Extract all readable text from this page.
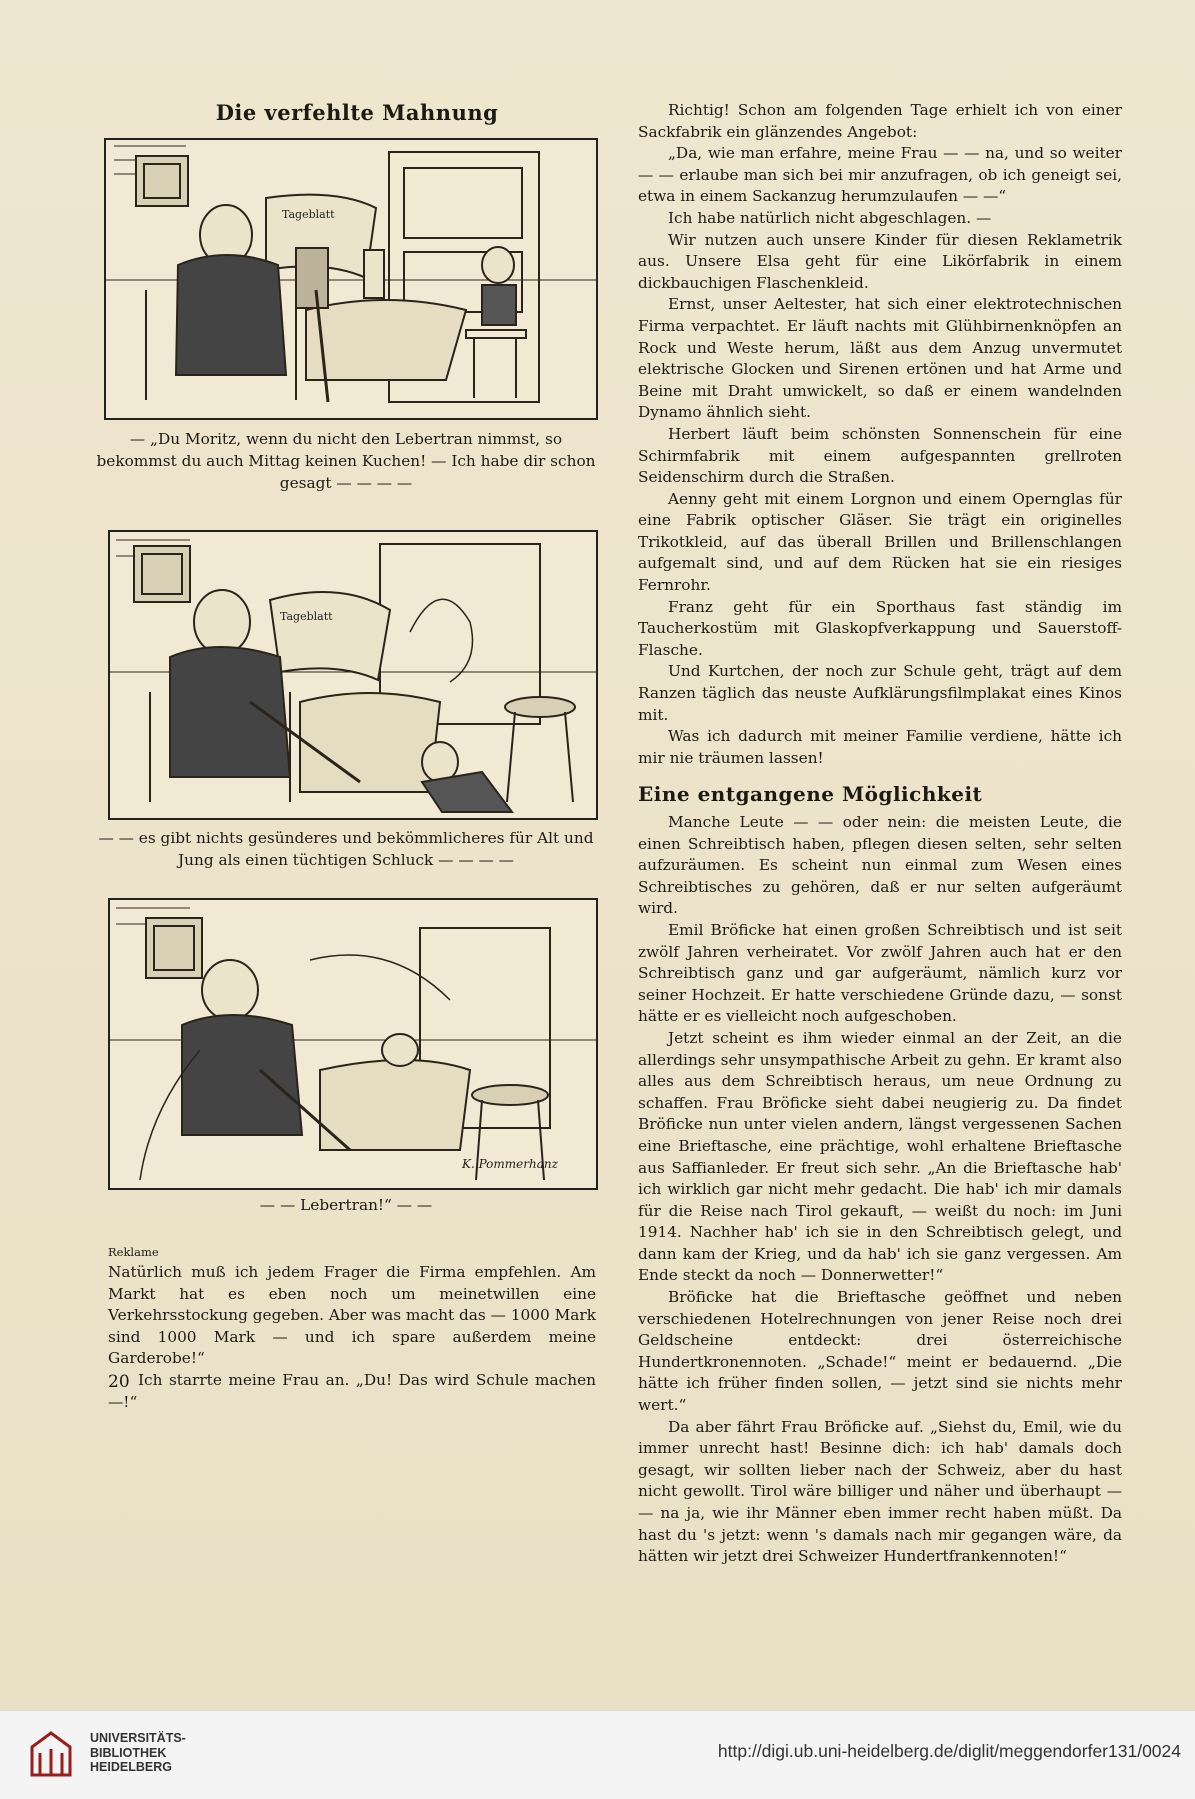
Die verfehlte Mahnung
Tageblatt
— „Du Moritz, wenn du nicht den Lebertran nimmst, so bekommst du auch Mittag keinen Kuchen! — Ich habe dir schon gesagt — — — —
Tageblatt
— — es gibt nichts gesünderes und bekömmlicheres für Alt und Jung als einen tüchtigen Schluck — — — —
K. Pommerhanz
— — Lebertran!“ — —
Reklame

Natürlich muß ich jedem Frager die Firma empfehlen. Am Markt hat es eben noch um meinetwillen eine Verkehrsstockung gegeben. Aber was macht das — 1000 Mark sind 1000 Mark — und ich spare außerdem meine Garderobe!“

Ich starrte meine Frau an. „Du! Das wird Schule machen —!“

20

Richtig! Schon am folgenden Tage erhielt ich von einer Sackfabrik ein glänzendes Angebot:

„Da, wie man erfahre, meine Frau — — na, und so weiter — — erlaube man sich bei mir anzufragen, ob ich geneigt sei, etwa in einem Sackanzug herumzulaufen — —“

Ich habe natürlich nicht abgeschlagen. —

Wir nutzen auch unsere Kinder für diesen Reklametrik aus. Unsere Elsa geht für eine Likörfabrik in einem dickbauchigen Flaschenkleid.

Ernst, unser Aeltester, hat sich einer elektrotechnischen Firma verpachtet. Er läuft nachts mit Glühbirnenknöpfen an Rock und Weste herum, läßt aus dem Anzug unvermutet elektrische Glocken und Sirenen ertönen und hat Arme und Beine mit Draht umwickelt, so daß er einem wandelnden Dynamo ähnlich sieht.

Herbert läuft beim schönsten Sonnenschein für eine Schirmfabrik mit einem aufgespannten grellroten Seidenschirm durch die Straßen.

Aenny geht mit einem Lorgnon und einem Opernglas für eine Fabrik optischer Gläser. Sie trägt ein originelles Trikotkleid, auf das überall Brillen und Brillenschlangen aufgemalt sind, und auf dem Rücken hat sie ein riesiges Fernrohr.

Franz geht für ein Sporthaus fast ständig im Taucherkostüm mit Glaskopfverkappung und Sauerstoff-Flasche.

Und Kurtchen, der noch zur Schule geht, trägt auf dem Ranzen täglich das neuste Aufklärungsfilmplakat eines Kinos mit.

Was ich dadurch mit meiner Familie verdiene, hätte ich mir nie träumen lassen!

Eine entgangene Möglichkeit

Manche Leute — — oder nein: die meisten Leute, die einen Schreibtisch haben, pflegen diesen selten, sehr selten aufzuräumen. Es scheint nun einmal zum Wesen eines Schreibtisches zu gehören, daß er nur selten aufgeräumt wird.

Emil Bröficke hat einen großen Schreibtisch und ist seit zwölf Jahren verheiratet. Vor zwölf Jahren auch hat er den Schreibtisch ganz und gar aufgeräumt, nämlich kurz vor seiner Hochzeit. Er hatte verschiedene Gründe dazu, — sonst hätte er es vielleicht noch aufgeschoben.

Jetzt scheint es ihm wieder einmal an der Zeit, an die allerdings sehr unsympathische Arbeit zu gehn. Er kramt also alles aus dem Schreibtisch heraus, um neue Ordnung zu schaffen. Frau Bröficke sieht dabei neugierig zu. Da findet Bröficke nun unter vielen andern, längst vergessenen Sachen eine Brieftasche, eine prächtige, wohl erhaltene Brieftasche aus Saffianleder. Er freut sich sehr. „An die Brieftasche hab' ich wirklich gar nicht mehr gedacht. Die hab' ich mir damals für die Reise nach Tirol gekauft, — weißt du noch: im Juni 1914. Nachher hab' ich sie in den Schreibtisch gelegt, und dann kam der Krieg, und da hab' ich sie ganz vergessen. Am Ende steckt da noch — Donnerwetter!“

Bröficke hat die Brieftasche geöffnet und neben verschiedenen Hotelrechnungen von jener Reise noch drei Geldscheine entdeckt: drei österreichische Hundertkronennoten. „Schade!“ meint er bedauernd. „Die hätte ich früher finden sollen, — jetzt sind sie nichts mehr wert.“

Da aber fährt Frau Bröficke auf. „Siehst du, Emil, wie du immer unrecht hast! Besinne dich: ich hab' damals doch gesagt, wir sollten lieber nach der Schweiz, aber du hast nicht gewollt. Tirol wäre billiger und näher und überhaupt — — na ja, wie ihr Männer eben immer recht haben müßt. Da hast du 's jetzt: wenn 's damals nach mir gegangen wäre, da hätten wir jetzt drei Schweizer Hundertfrankennoten!“

UNIVERSITÄTS-
BIBLIOTHEK
HEIDELBERG
http://digi.ub.uni-heidelberg.de/diglit/meggendorfer131/0024
